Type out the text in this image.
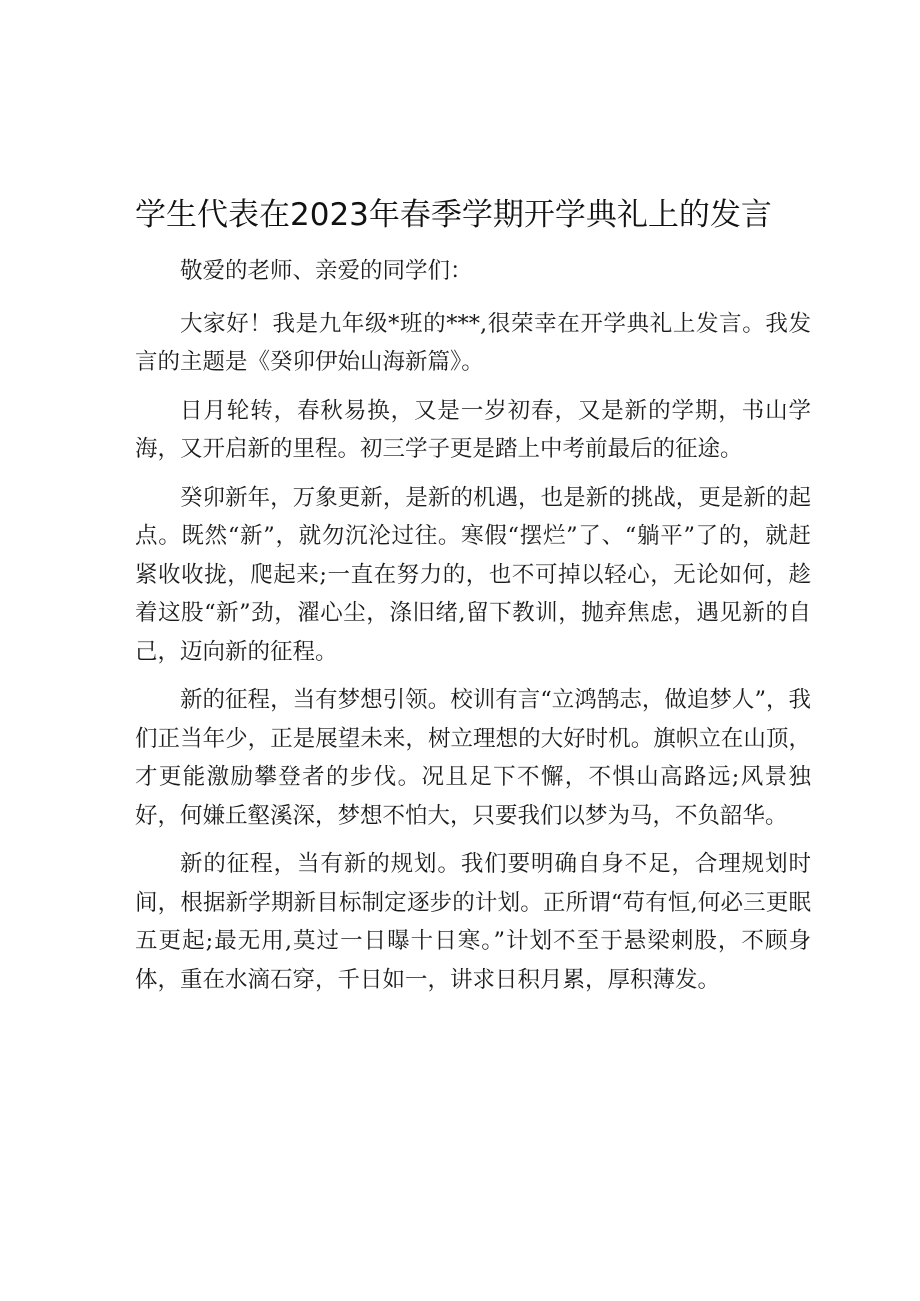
学生代表在2023年春季学期开学典礼上的发言

敬爱的老师、亲爱的同学们：

大家好！我是九年级*班的***,很荣幸在开学典礼上发言。我发言的主题是《癸卯伊始山海新篇》。

日月轮转，春秋易换，又是一岁初春，又是新的学期，书山学海，又开启新的里程。初三学子更是踏上中考前最后的征途。

癸卯新年，万象更新，是新的机遇，也是新的挑战，更是新的起点。既然“新”，就勿沉沦过往。寒假“摆烂”了、“躺平”了的，就赶紧收收拢，爬起来;一直在努力的，也不可掉以轻心，无论如何，趁着这股“新”劲，濯心尘，涤旧绪,留下教训，抛弃焦虑，遇见新的自己，迈向新的征程。

新的征程，当有梦想引领。校训有言“立鸿鹄志，做追梦人”，我们正当年少，正是展望未来，树立理想的大好时机。旗帜立在山顶，才更能激励攀登者的步伐。况且足下不懈，不惧山高路远;风景独好，何嫌丘壑溪深，梦想不怕大，只要我们以梦为马，不负韶华。

新的征程，当有新的规划。我们要明确自身不足，合理规划时间，根据新学期新目标制定逐步的计划。正所谓“苟有恒,何必三更眠五更起;最无用,莫过一日曝十日寒。”计划不至于悬梁刺股，不顾身体，重在水滴石穿，千日如一，讲求日积月累，厚积薄发。
